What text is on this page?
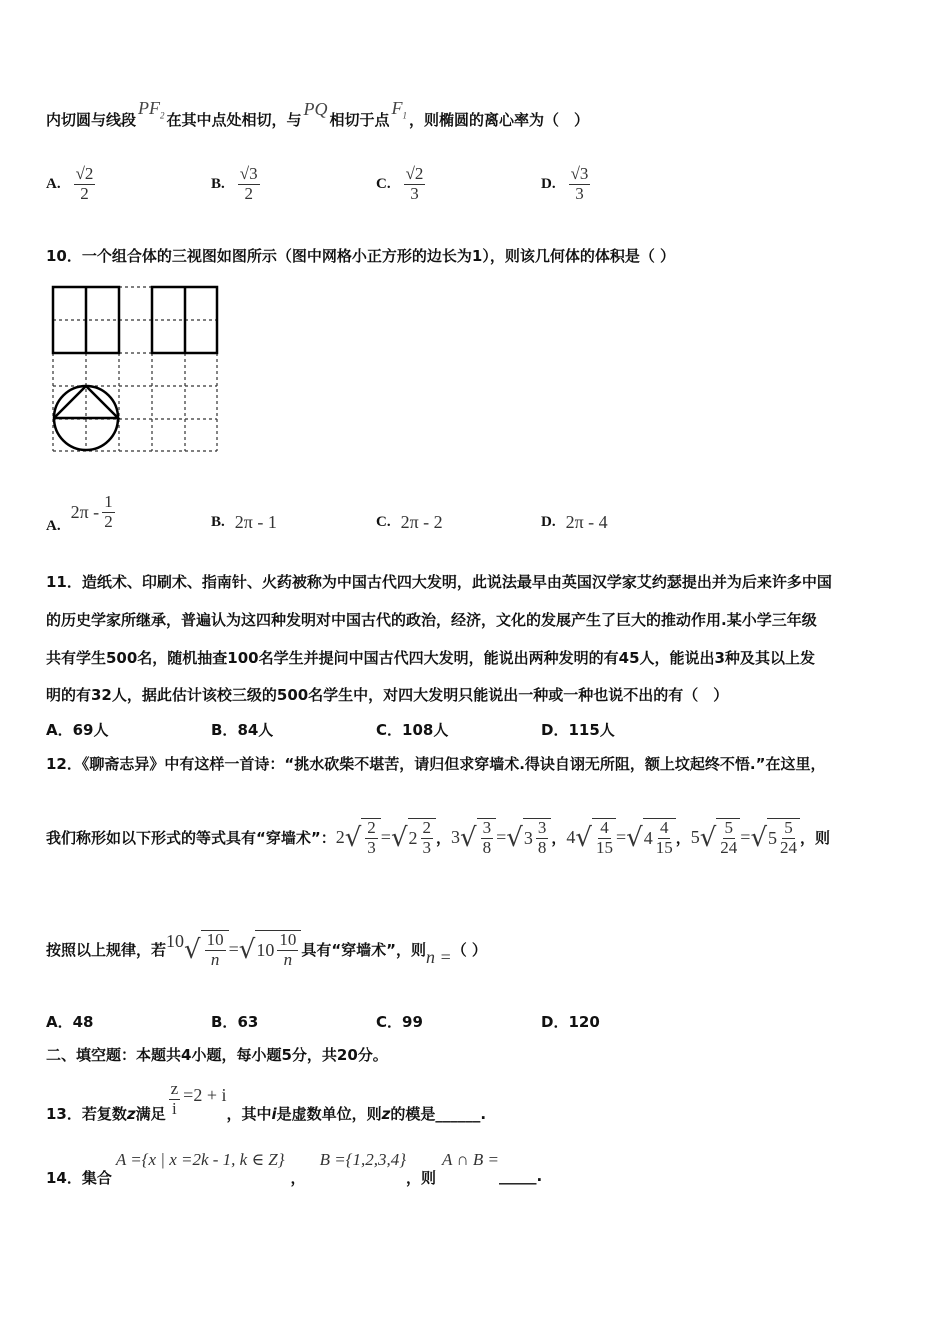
内切圆与线段
$PF_2$ 在其中点处相切，与
PQ
相切于点
$F_1$ ，则椭圆的离心率为（　）
A. $\frac{√2}{2}$	B. $\frac{√3}{2}$	C. $\frac{√2}{3}$	D. $\frac{√3}{3}$
10．一个组合体的三视图如图所示（图中网格小正方形的边长为1），则该几何体的体积是（ ）
A.
$2\pi - \frac{1}{2}$	B. 2π - 1	C. 2π - 2	D. 2π - 4
11．造纸术、印刷术、指南针、火药被称为中国古代四大发明，此说法最早由英国汉学家艾约瑟提出并为后来许多中国
的历史学家所继承，普遍认为这四种发明对中国古代的政治，经济，文化的发展产生了巨大的推动作用.某小学三年级
共有学生500名，随机抽查100名学生并提问中国古代四大发明，能说出两种发明的有45人，能说出3种及其以上发
明的有32人，据此估计该校三级的500名学生中，对四大发明只能说出一种或一种也说不出的有（　）
A． 69人	B． 84人	C． 108人	D． 115人
12．《聊斋志异》中有这样一首诗：“挑水砍柴不堪苦，请归但求穿墙术.得诀自诩无所阻，额上坟起终不悟.”在这里，
我们称形如以下形式的等式具有“穿墙术”： 2 √ $\frac{2}{3}$ = √ $2 \frac{2}{3}$ ， 3 √ $\frac{3}{8}$ = √ $3 \frac{3}{8}$ ， 4 √ $\frac{4}{15}$ = √ $4 \frac{4}{15}$ ， 5 √ $\frac{5}{24}$ = √ $5 \frac{5}{24}$ ，则
按照以上规律，若 10 √ $\frac{10}{n}$ = √ $10 \frac{10}{n}$ 具有“穿墙术”，则 n = （ ）
A． 48	B． 63	C． 99	D． 120
二、填空题：本题共4小题，每小题5分，共20分。
13．若复数 z 满足 $\frac{z}{i} =2 + i$
，其中 i 是虚数单位，则 z 的模是______.
14．集合
A ={x | x =2k - 1, k ∈ Z}
，
B ={1,2,3,4}
，则
A ∩ B =
_____.
